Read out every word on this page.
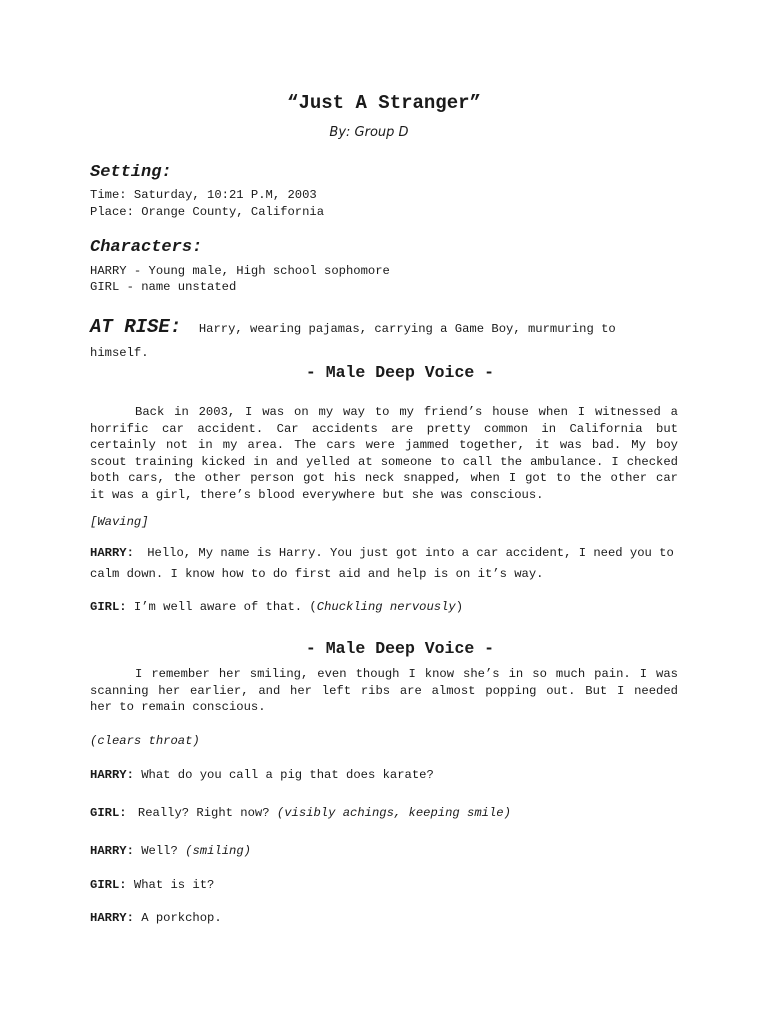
“Just A Stranger”
By: Group D
Setting:
Time: Saturday, 10:21 P.M, 2003
Place: Orange County, California
Characters:
HARRY - Young male, High school sophomore
GIRL - name unstated
AT RISE: Harry, wearing pajamas, carrying a Game Boy, murmuring to
himself.
- Male Deep Voice -
Back in 2003, I was on my way to my friend’s house when I witnessed a
horrific car accident. Car accidents are pretty common in California but
certainly not in my area. The cars were jammed together, it was bad. My boy
scout training kicked in and yelled at someone to call the ambulance. I checked
both cars, the other person got his neck snapped, when I got to the other car
it was a girl, there’s blood everywhere but she was conscious.
[Waving]
HARRY: Hello, My name is Harry. You just got into a car accident, I need you to
calm down. I know how to do first aid and help is on it’s way.
GIRL: I’m well aware of that. (Chuckling nervously)
- Male Deep Voice -
I remember her smiling, even though I know she’s in so much pain. I was
scanning her earlier, and her left ribs are almost popping out. But I needed
her to remain conscious.
(clears throat)
HARRY: What do you call a pig that does karate?
GIRL: Really? Right now? (visibly achings, keeping smile)
HARRY: Well? (smiling)
GIRL: What is it?
HARRY: A porkchop.
